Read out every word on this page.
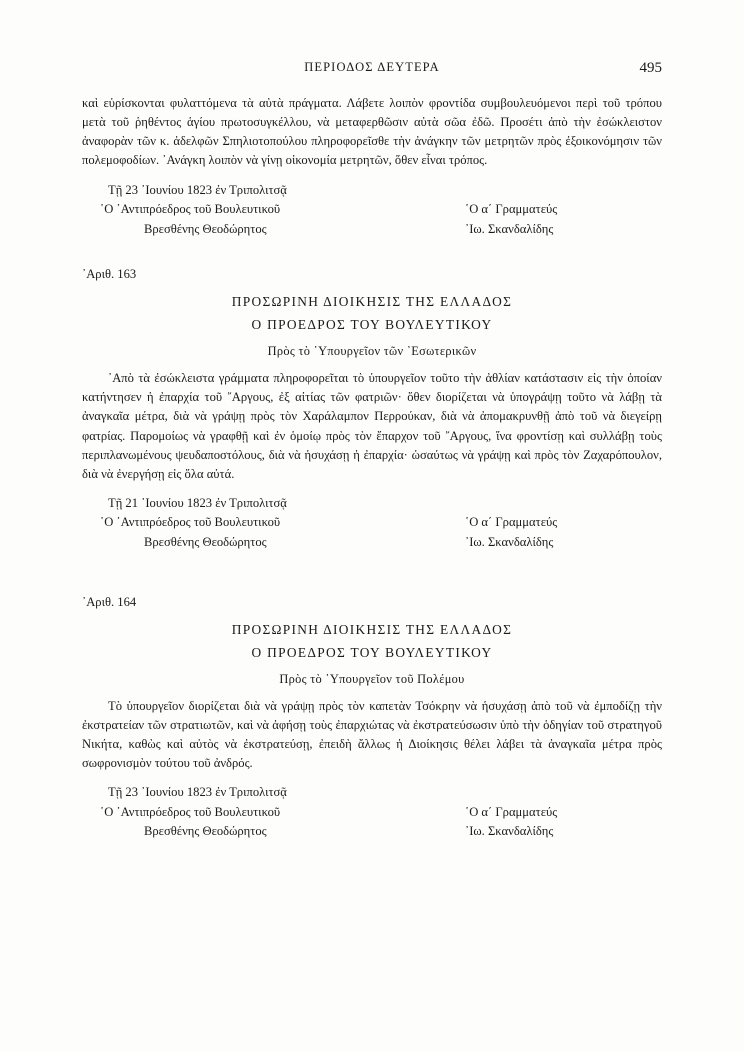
ΠΕΡΙΟΔΟΣ ΔΕΥΤΕΡΑ	495

καὶ εὑρίσκονται φυλαττόμενα τὰ αὐτὰ πράγματα. Λάβετε λοιπὸν φροντίδα συμβουλευόμενοι περὶ τοῦ τρόπου μετὰ τοῦ ῥηθέντος ἁγίου πρωτοσυγκέλλου, νὰ μεταφερθῶσιν αὐτὰ σῶα ἐδῶ. Προσέτι ἀπὸ τὴν ἐσώκλειστον ἀναφορὰν τῶν κ. ἀδελφῶν Σπηλιοτοπούλου πληροφορεῖσθε τὴν ἀνάγκην τῶν μετρητῶν πρὸς ἐξοικονόμησιν τῶν πολεμοφοδίων. ᾿Ανάγκη λοιπὸν νὰ γίνῃ οἰκονομία μετρητῶν, ὅθεν εἶναι τρόπος.

Τῇ 23 ᾿Ιουνίου 1823 ἐν Τριπολιτσᾷ
῾Ο ᾿Αντιπρόεδρος τοῦ Βουλευτικοῦ
Βρεσθένης Θεοδώρητος
῾Ο α΄ Γραμματεύς
᾿Ιω. Σκανδαλίδης
᾿Αριθ. 163
ΠΡΟΣΩΡΙΝΗ ΔΙΟΙΚΗΣΙΣ ΤΗΣ ΕΛΛΑΔΟΣ
Ο ΠΡΟΕΔΡΟΣ ΤΟΥ ΒΟΥΛΕΥΤΙΚΟΥ
Πρὸς τὸ ῾Υπουργεῖον τῶν ᾿Εσωτερικῶν

᾿Απὸ τὰ ἐσώκλειστα γράμματα πληροφορεῖται τὸ ὑπουργεῖον τοῦτο τὴν ἀθλίαν κατάστασιν εἰς τὴν ὁποίαν κατήντησεν ἡ ἐπαρχία τοῦ ῎Αργους, ἐξ αἰτίας τῶν φατριῶν· ὅθεν διορίζεται νὰ ὑπογράψῃ τοῦτο νὰ λάβῃ τὰ ἀναγκαῖα μέτρα, διὰ νὰ γράψῃ πρὸς τὸν Χαράλαμπον Περρούκαν, διὰ νὰ ἀπομακρυνθῇ ἀπὸ τοῦ νὰ διεγείρῃ φατρίας. Παρομοίως νὰ γραφθῇ καὶ ἐν ὁμοίῳ πρὸς τὸν ἔπαρχον τοῦ ῎Αργους, ἵνα φροντίσῃ καὶ συλλάβῃ τοὺς περιπλανωμένους ψευδαποστόλους, διὰ νὰ ἡσυχάσῃ ἡ ἐπαρχία· ὡσαύτως νὰ γράψῃ καὶ πρὸς τὸν Ζαχαρόπουλον, διὰ νὰ ἐνεργήσῃ εἰς ὅλα αὐτά.

Τῇ 21 ᾿Ιουνίου 1823 ἐν Τριπολιτσᾷ
῾Ο ᾿Αντιπρόεδρος τοῦ Βουλευτικοῦ
Βρεσθένης Θεοδώρητος
῾Ο α΄ Γραμματεύς
᾿Ιω. Σκανδαλίδης
᾿Αριθ. 164
ΠΡΟΣΩΡΙΝΗ ΔΙΟΙΚΗΣΙΣ ΤΗΣ ΕΛΛΑΔΟΣ
Ο ΠΡΟΕΔΡΟΣ ΤΟΥ ΒΟΥΛΕΥΤΙΚΟΥ
Πρὸς τὸ ῾Υπουργεῖον τοῦ Πολέμου

Τὸ ὑπουργεῖον διορίζεται διὰ νὰ γράψῃ πρὸς τὸν καπετὰν Τσόκρην νὰ ἡσυχάσῃ ἀπὸ τοῦ νὰ ἐμποδίζῃ τὴν ἐκστρατείαν τῶν στρατιωτῶν, καὶ νὰ ἀφήσῃ τοὺς ἐπαρχιώτας νὰ ἐκστρατεύσωσιν ὑπὸ τὴν ὁδηγίαν τοῦ στρατηγοῦ Νικήτα, καθὼς καὶ αὐτὸς νὰ ἐκστρατεύσῃ, ἐπειδὴ ἄλλως ἡ Διοίκησις θέλει λάβει τὰ ἀναγκαῖα μέτρα πρὸς σωφρονισμὸν τούτου τοῦ ἀνδρός.

Τῇ 23 ᾿Ιουνίου 1823 ἐν Τριπολιτσᾷ
῾Ο ᾿Αντιπρόεδρος τοῦ Βουλευτικοῦ
Βρεσθένης Θεοδώρητος
῾Ο α΄ Γραμματεύς
᾿Ιω. Σκανδαλίδης
